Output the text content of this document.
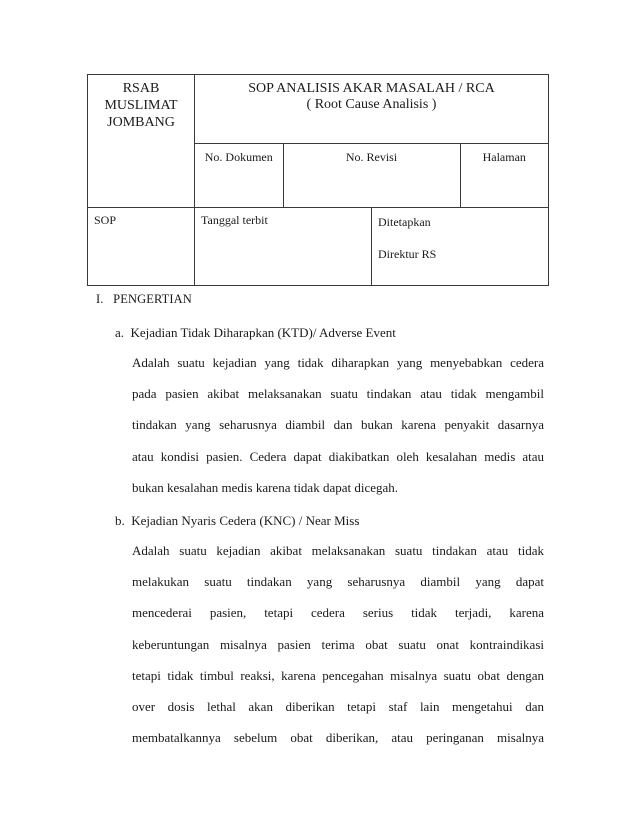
RSAB
MUSLIMAT
JOMBANG	SOP ANALISIS AKAR MASALAH / RCA
( Root Cause Analisis )			

	No. Dokumen	No. Revisi		Halaman
SOP	Tanggal terbit		Ditetapkan
Direktur RS	
I.   PENGERTIAN
a.  Kejadian Tidak Diharapkan (KTD)/ Adverse Event
Adalah suatu kejadian yang tidak diharapkan yang menyebabkan cedera
pada pasien akibat melaksanakan suatu tindakan atau tidak mengambil
tindakan yang seharusnya diambil dan bukan karena penyakit dasarnya
atau kondisi pasien. Cedera dapat diakibatkan oleh kesalahan medis atau
bukan kesalahan medis karena tidak dapat dicegah.
b.  Kejadian Nyaris Cedera (KNC) / Near Miss
Adalah suatu kejadian akibat melaksanakan suatu tindakan atau tidak
melakukan suatu tindakan yang seharusnya diambil yang dapat
mencederai pasien, tetapi cedera serius tidak terjadi, karena
keberuntungan misalnya pasien terima obat suatu onat kontraindikasi
tetapi tidak timbul reaksi, karena pencegahan misalnya suatu obat dengan
over dosis lethal akan diberikan tetapi staf lain mengetahui dan
membatalkannya sebelum obat diberikan, atau peringanan misalnya
